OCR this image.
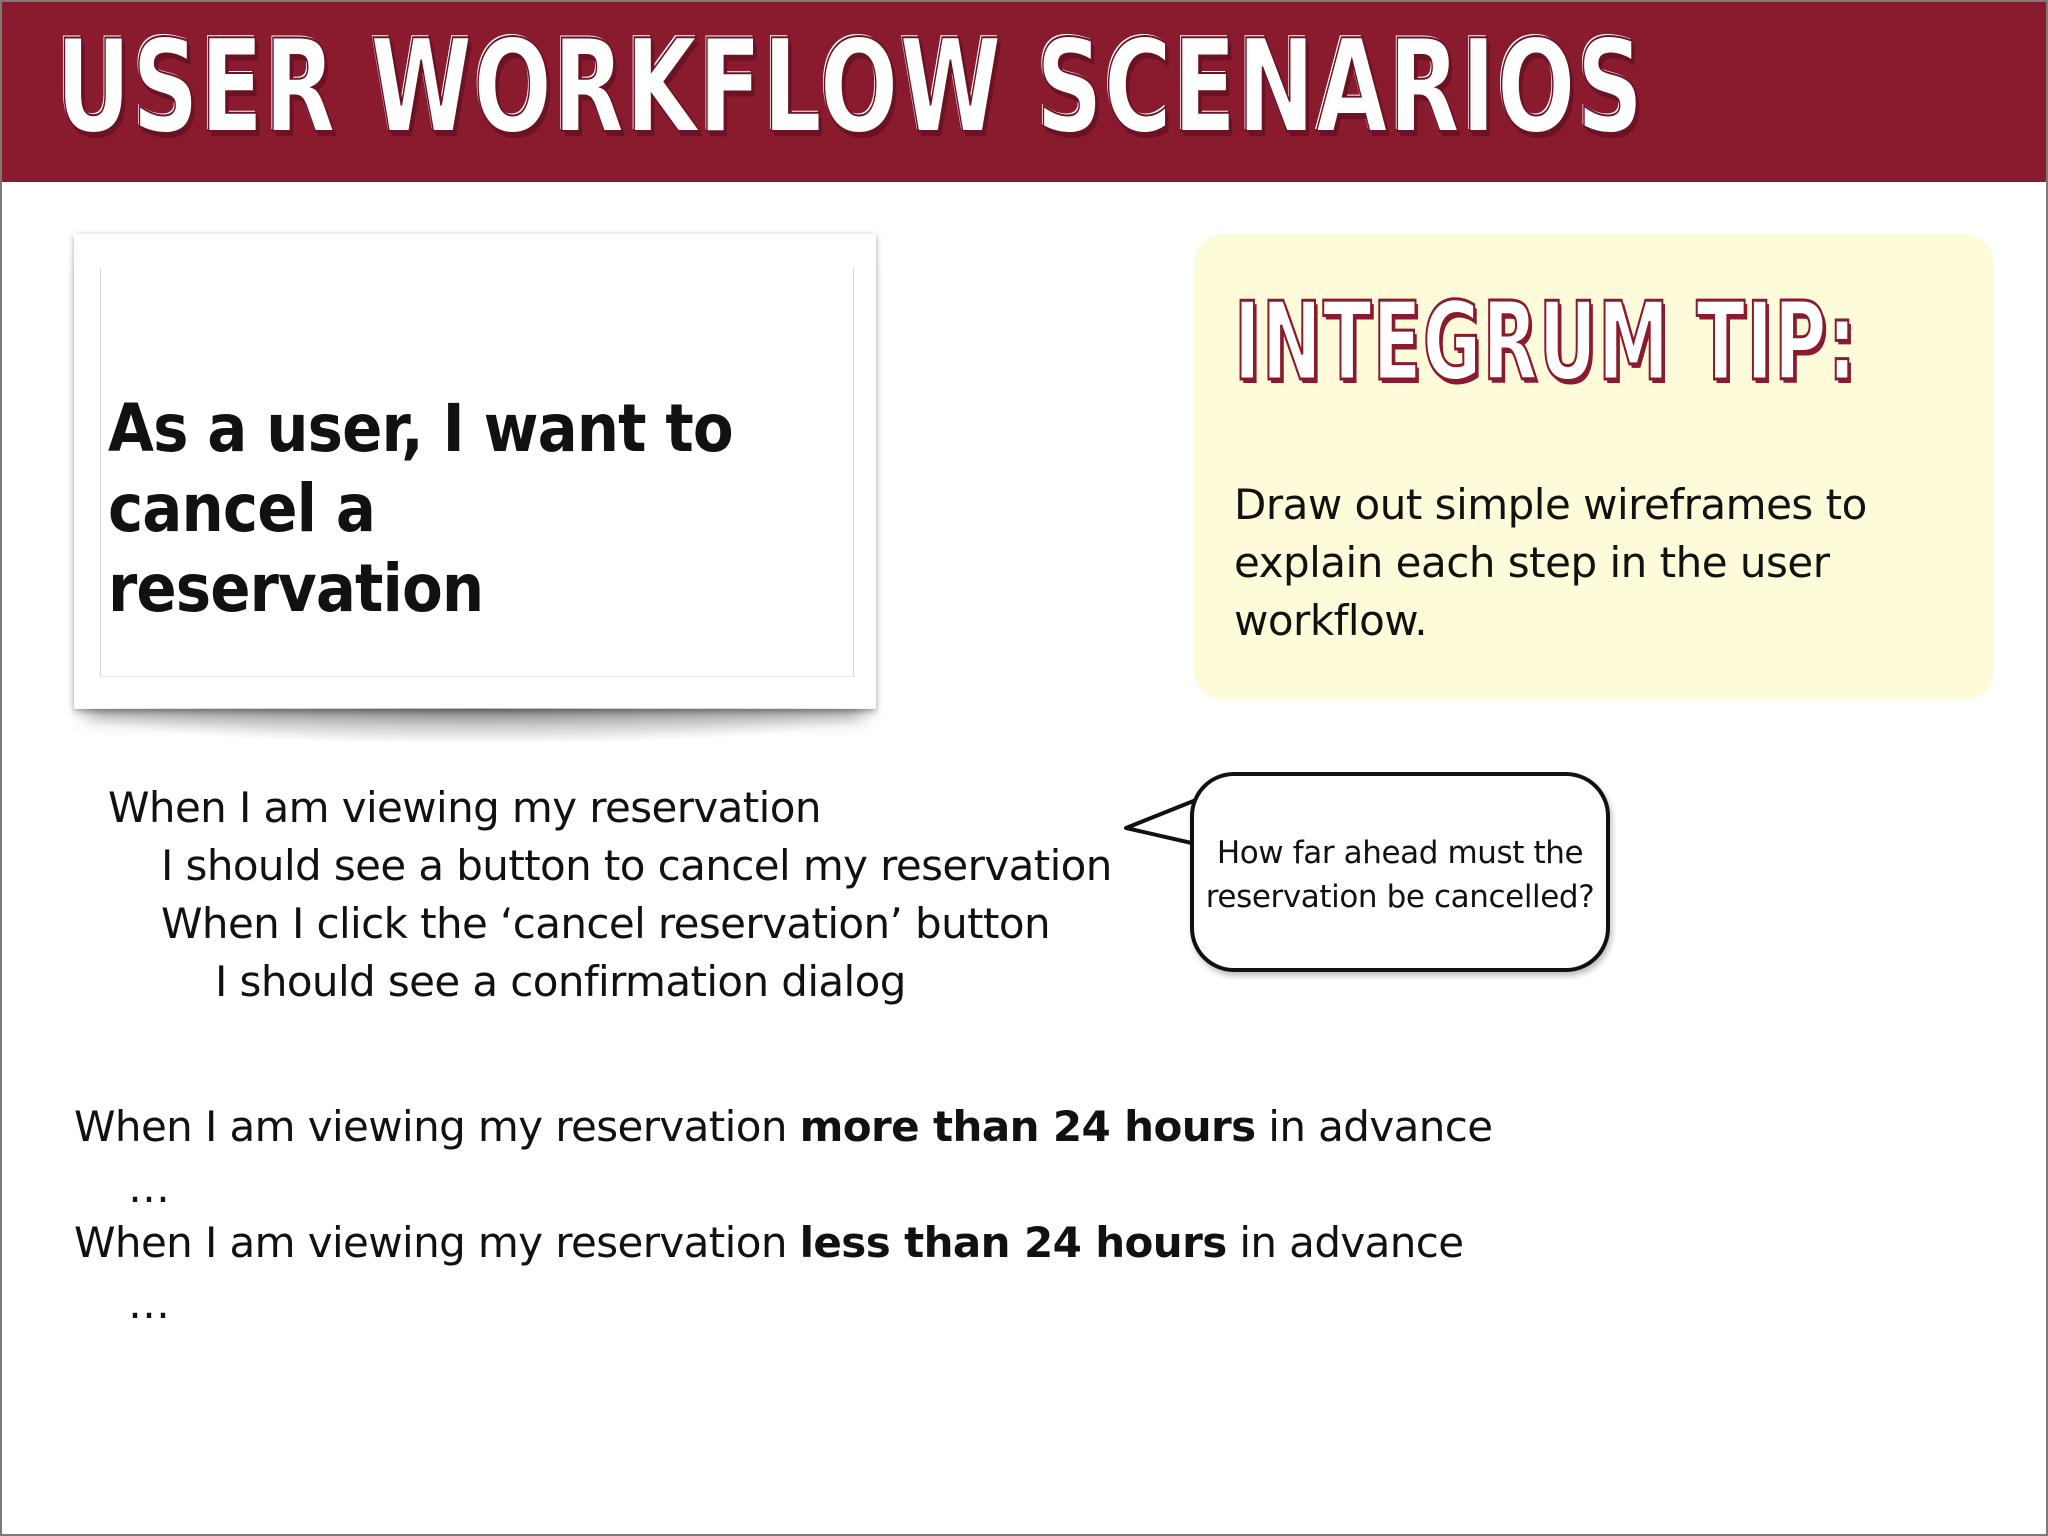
USER WORKFLOW SCENARIOS

As a user, I want to
cancel a reservation

INTEGRUM TIP:

Draw out simple wireframes to explain each step in the user workflow.

When I am viewing my reservation

I should see a button to cancel my reservation

When I click the ‘cancel reservation’ button

I should see a confirmation dialog

How far ahead must the
reservation be cancelled?

When I am viewing my reservation more than 24 hours in advance

…

When I am viewing my reservation less than 24 hours in advance

…
